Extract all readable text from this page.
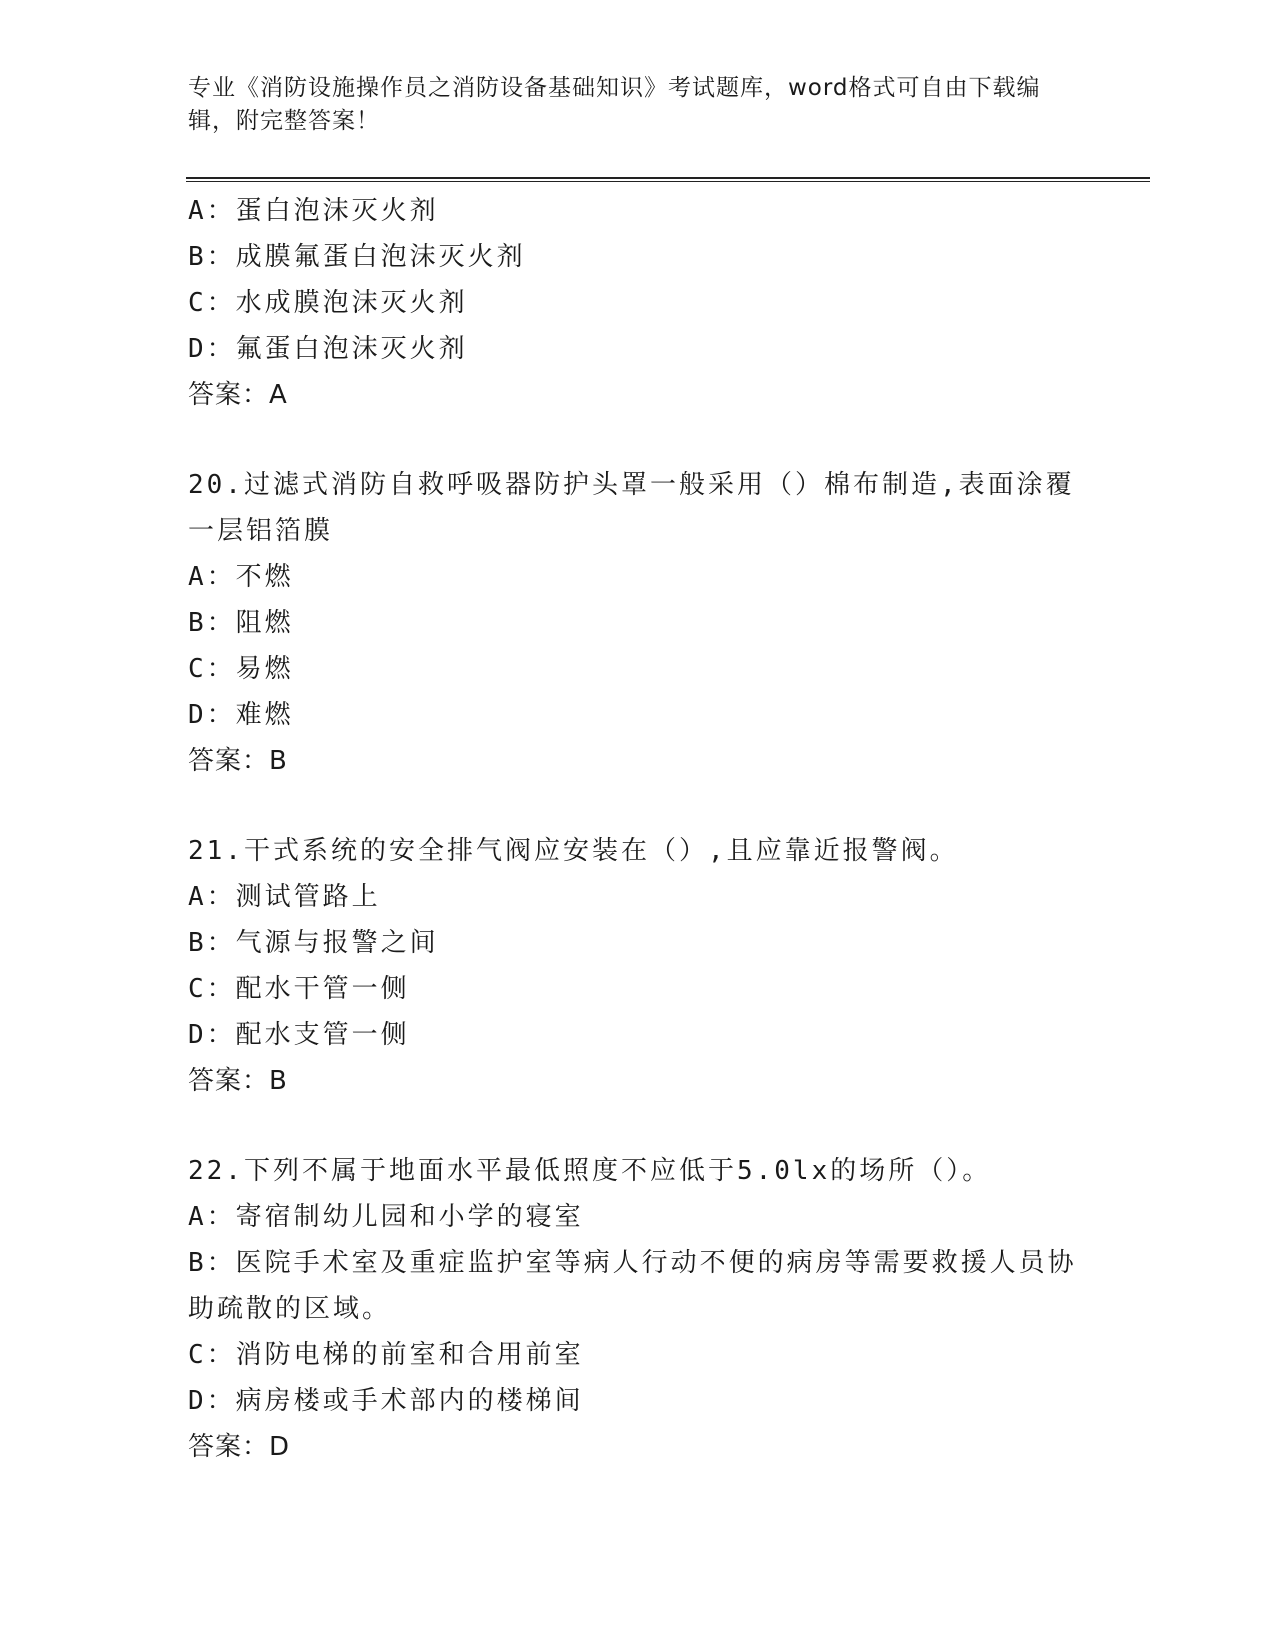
专业《消防设施操作员之消防设备基础知识》考试题库，word格式可自由下载编辑，附完整答案！

A：蛋白泡沫灭火剂

B：成膜氟蛋白泡沫灭火剂

C：水成膜泡沫灭火剂

D：氟蛋白泡沫灭火剂

答案：A

20.过滤式消防自救呼吸器防护头罩一般采用（）棉布制造,表面涂覆一层铝箔膜

A：不燃

B：阻燃

C：易燃

D：难燃

答案：B

21.干式系统的安全排气阀应安装在（）,且应靠近报警阀。

A：测试管路上

B：气源与报警之间

C：配水干管一侧

D：配水支管一侧

答案：B

22.下列不属于地面水平最低照度不应低于5.0lx的场所（）。

A：寄宿制幼儿园和小学的寝室

B：医院手术室及重症监护室等病人行动不便的病房等需要救援人员协助疏散的区域。

C：消防电梯的前室和合用前室

D：病房楼或手术部内的楼梯间

答案：D
